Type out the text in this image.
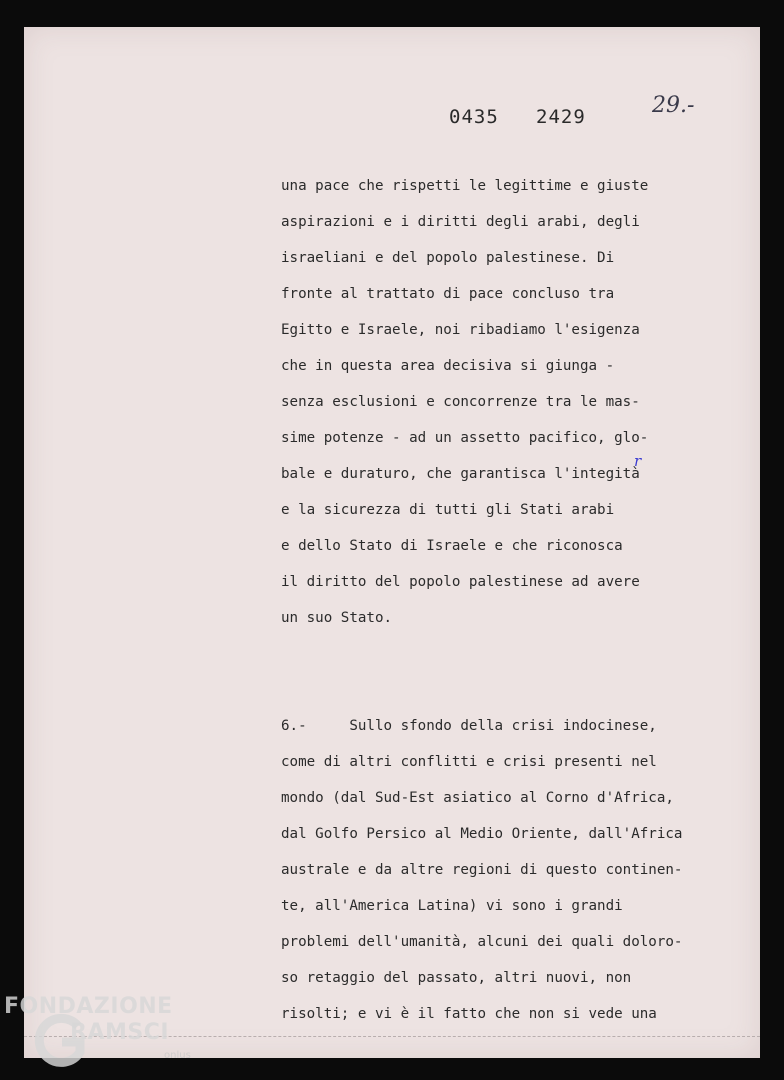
0435 2429	29.-
una pace che rispetti le legittime e giuste
aspirazioni e i diritti degli arabi, degli
israeliani e del popolo palestinese. Di
fronte al trattato di pace concluso tra
Egitto e Israele, noi ribadiamo l'esigenza
che in questa area decisiva si giunga -
senza esclusioni e concorrenze tra le mas-
sime potenze - ad un assetto pacifico, glo-
bale e duraturo, che garantisca l'integità
e la sicurezza di tutti gli Stati arabi
e dello Stato di Israele e che riconosca
il diritto del popolo palestinese ad avere
un suo Stato.
6.-     Sullo sfondo della crisi indocinese,
come di altri conflitti e crisi presenti nel
mondo (dal Sud-Est asiatico al Corno d'Africa,
dal Golfo Persico al Medio Oriente, dall'Africa
australe e da altre regioni di questo continen-
te, all'America Latina) vi sono i grandi
problemi dell'umanità, alcuni dei quali doloro-
so retaggio del passato, altri nuovi, non
risolti; e vi è il fatto che non si vede una
r
FONDAZIONE
RAMSCI
onlus
